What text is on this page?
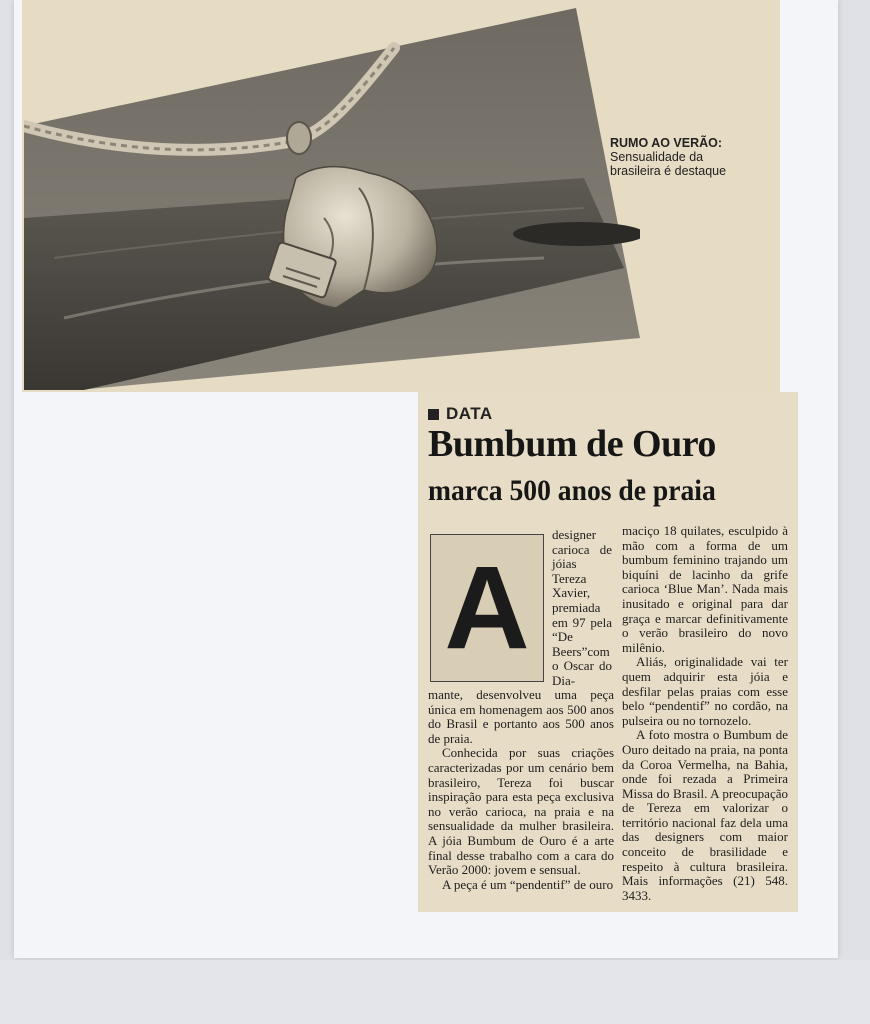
RUMO AO VERÃO:
Sensualidade da brasileira é destaque
DATA
Bumbum de Ouro
marca 500 anos de praia
A

designer carioca de jóias Tereza Xavier, premiada em 97 pela “De Beers”com o Oscar do Dia-

mante, desenvolveu uma peça única em homenagem aos 500 anos do Brasil e portanto aos 500 anos de praia.

Conhecida por suas criações caracterizadas por um cenário bem brasileiro, Tereza foi buscar inspiração para esta peça exclusiva no verão carioca, na praia e na sensualidade da mulher brasileira. A jóia Bumbum de Ouro é a arte final desse trabalho com a cara do Verão 2000: jovem e sensual.

A peça é um “pendentif” de ouro

maciço 18 quilates, esculpido à mão com a forma de um bumbum feminino trajando um biquíni de lacinho da grife carioca ‘Blue Man’. Nada mais inusitado e original para dar graça e marcar definitivamente o verão brasileiro do novo milênio.

Aliás, originalidade vai ter quem adquirir esta jóia e desfilar pelas praias com esse belo “pendentif” no cordão, na pulseira ou no tornozelo.

A foto mostra o Bumbum de Ouro deitado na praia, na ponta da Coroa Vermelha, na Bahia, onde foi rezada a Primeira Missa do Brasil. A preocupação de Tereza em valorizar o território nacional faz dela uma das designers com maior conceito de brasilidade e respeito à cultura brasileira. Mais informações (21) 548. 3433.
